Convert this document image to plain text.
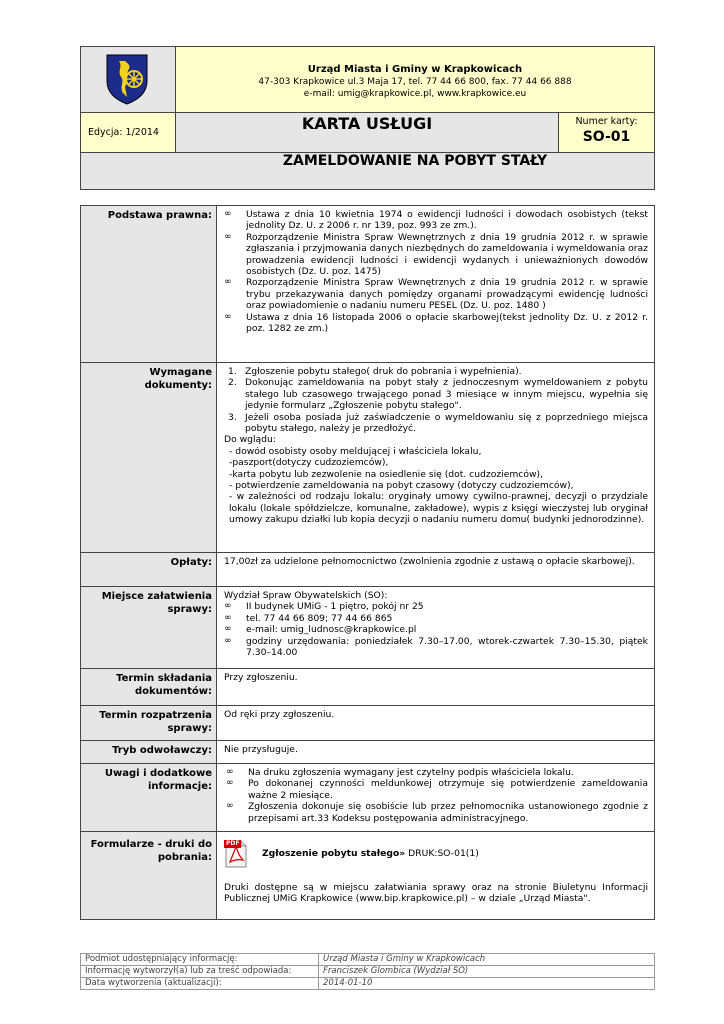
Urząd Miasta i Gminy w Krapkowicach
47-303 Krapkowice ul.3 Maja 17, tel. 77 44 66 800, fax. 77 44 66 888
e-mail: umig@krapkowice.pl, www.krapkowice.eu
Edycja: 1/2014	KARTA USŁUGI	Numer karty:
SO-01
ZAMELDOWANIE NA POBYT STAŁY
Podstawa prawna:	∞ Ustawa z dnia 10 kwietnia 1974 o ewidencji ludności i dowodach osobistych (tekst jednolity Dz. U. z 2006 r. nr 139, poz. 993 ze zm.).
∞ Rozporządzenie Ministra Spraw Wewnętrznych z dnia 19 grudnia 2012 r. w sprawie zgłaszania i przyjmowania danych niezbędnych do zameldowania i wymeldowania oraz prowadzenia ewidencji ludności i ewidencji wydanych i unieważnionych dowodów osobistych (Dz. U. poz. 1475)
∞ Rozporządzenie Ministra Spraw Wewnętrznych z dnia 19 grudnia 2012 r. w sprawie trybu przekazywania danych pomiędzy organami prowadzącymi ewidencję ludności oraz powiadomienie o nadaniu numeru PESEL (Dz. U. poz. 1480 )
∞ Ustawa z dnia 16 listopada 2006 o opłacie skarbowej(tekst jednolity Dz. U. z 2012 r. poz. 1282 ze zm.)
Wymagane dokumenty:
1. Zgłoszenie pobytu stałego( druk do pobrania i wypełnienia).
2. Dokonując zameldowania na pobyt stały z jednoczesnym wymeldowaniem z pobytu stałego lub czasowego trwającego ponad 3 miesiące w innym miejscu, wypełnia się jedynie formularz „Zgłoszenie pobytu stałego".
3. Jeżeli osoba posiada już zaświadczenie o wymeldowaniu się z poprzedniego miejsca pobytu stałego, należy je przedłożyć.
Do wglądu:
- dowód osobisty osoby meldującej i właściciela lokalu,
-paszport(dotyczy cudzoziemców),
-karta pobytu lub zezwolenie na osiedlenie się (dot. cudzoziemców),
- potwierdzenie zameldowania na pobyt czasowy (dotyczy cudzoziemców),
- w zależności od rodzaju lokalu: oryginały umowy cywilno-prawnej, decyzji o przydziale lokalu (lokale spółdzielcze, komunalne, zakładowe), wypis z księgi wieczystej lub oryginał umowy zakupu działki lub kopia decyzji o nadaniu numeru domu( budynki jednorodzinne).
Opłaty:	17,00zł za udzielone pełnomocnictwo (zwolnienia zgodnie z ustawą o opłacie skarbowej).
Miejsce załatwienia sprawy:
Wydział Spraw Obywatelskich (SO):
∞ II budynek UMiG - 1 piętro, pokój nr 25
∞ tel. 77 44 66 809; 77 44 66 865
∞ e-mail: umig_ludnosc@krapkowice.pl
∞ godziny urzędowania: poniedziałek 7.30–17.00, wtorek-czwartek 7.30–15.30, piątek 7.30–14.00
Termin składania dokumentów:
Przy zgłoszeniu.
Termin rozpatrzenia sprawy:
Od ręki przy zgłoszeniu.
Tryb odwoławczy:	Nie przysługuje.
Uwagi i dodatkowe informacje:
∞ Na druku zgłoszenia wymagany jest czytelny podpis właściciela lokalu.
∞ Po dokonanej czynności meldunkowej otrzymuje się potwierdzenie zameldowania ważne 2 miesiące.
∞ Zgłoszenia dokonuje się osobiście lub przez pełnomocnika ustanowionego zgodnie z przepisami art.33 Kodeksu postępowania administracyjnego.
Formularze - druki do pobrania:
PDF
Zgłoszenie pobytu stałego»
DRUK:SO-01(1)
Druki dostępne są w miejscu załatwiania sprawy oraz na stronie Biuletynu Informacji Publicznej UMiG Krapkowice (www.bip.krapkowice.pl) – w dziale „Urząd Miasta".
Podmiot udostępniający informację:	Urząd Miasta i Gminy w Krapkowicach
Informację wytworzył(a) lub za treść odpowiada:	Franciszek Glombica (Wydział SO)
Data wytworzenia (aktualizacji):	2014-01-10
